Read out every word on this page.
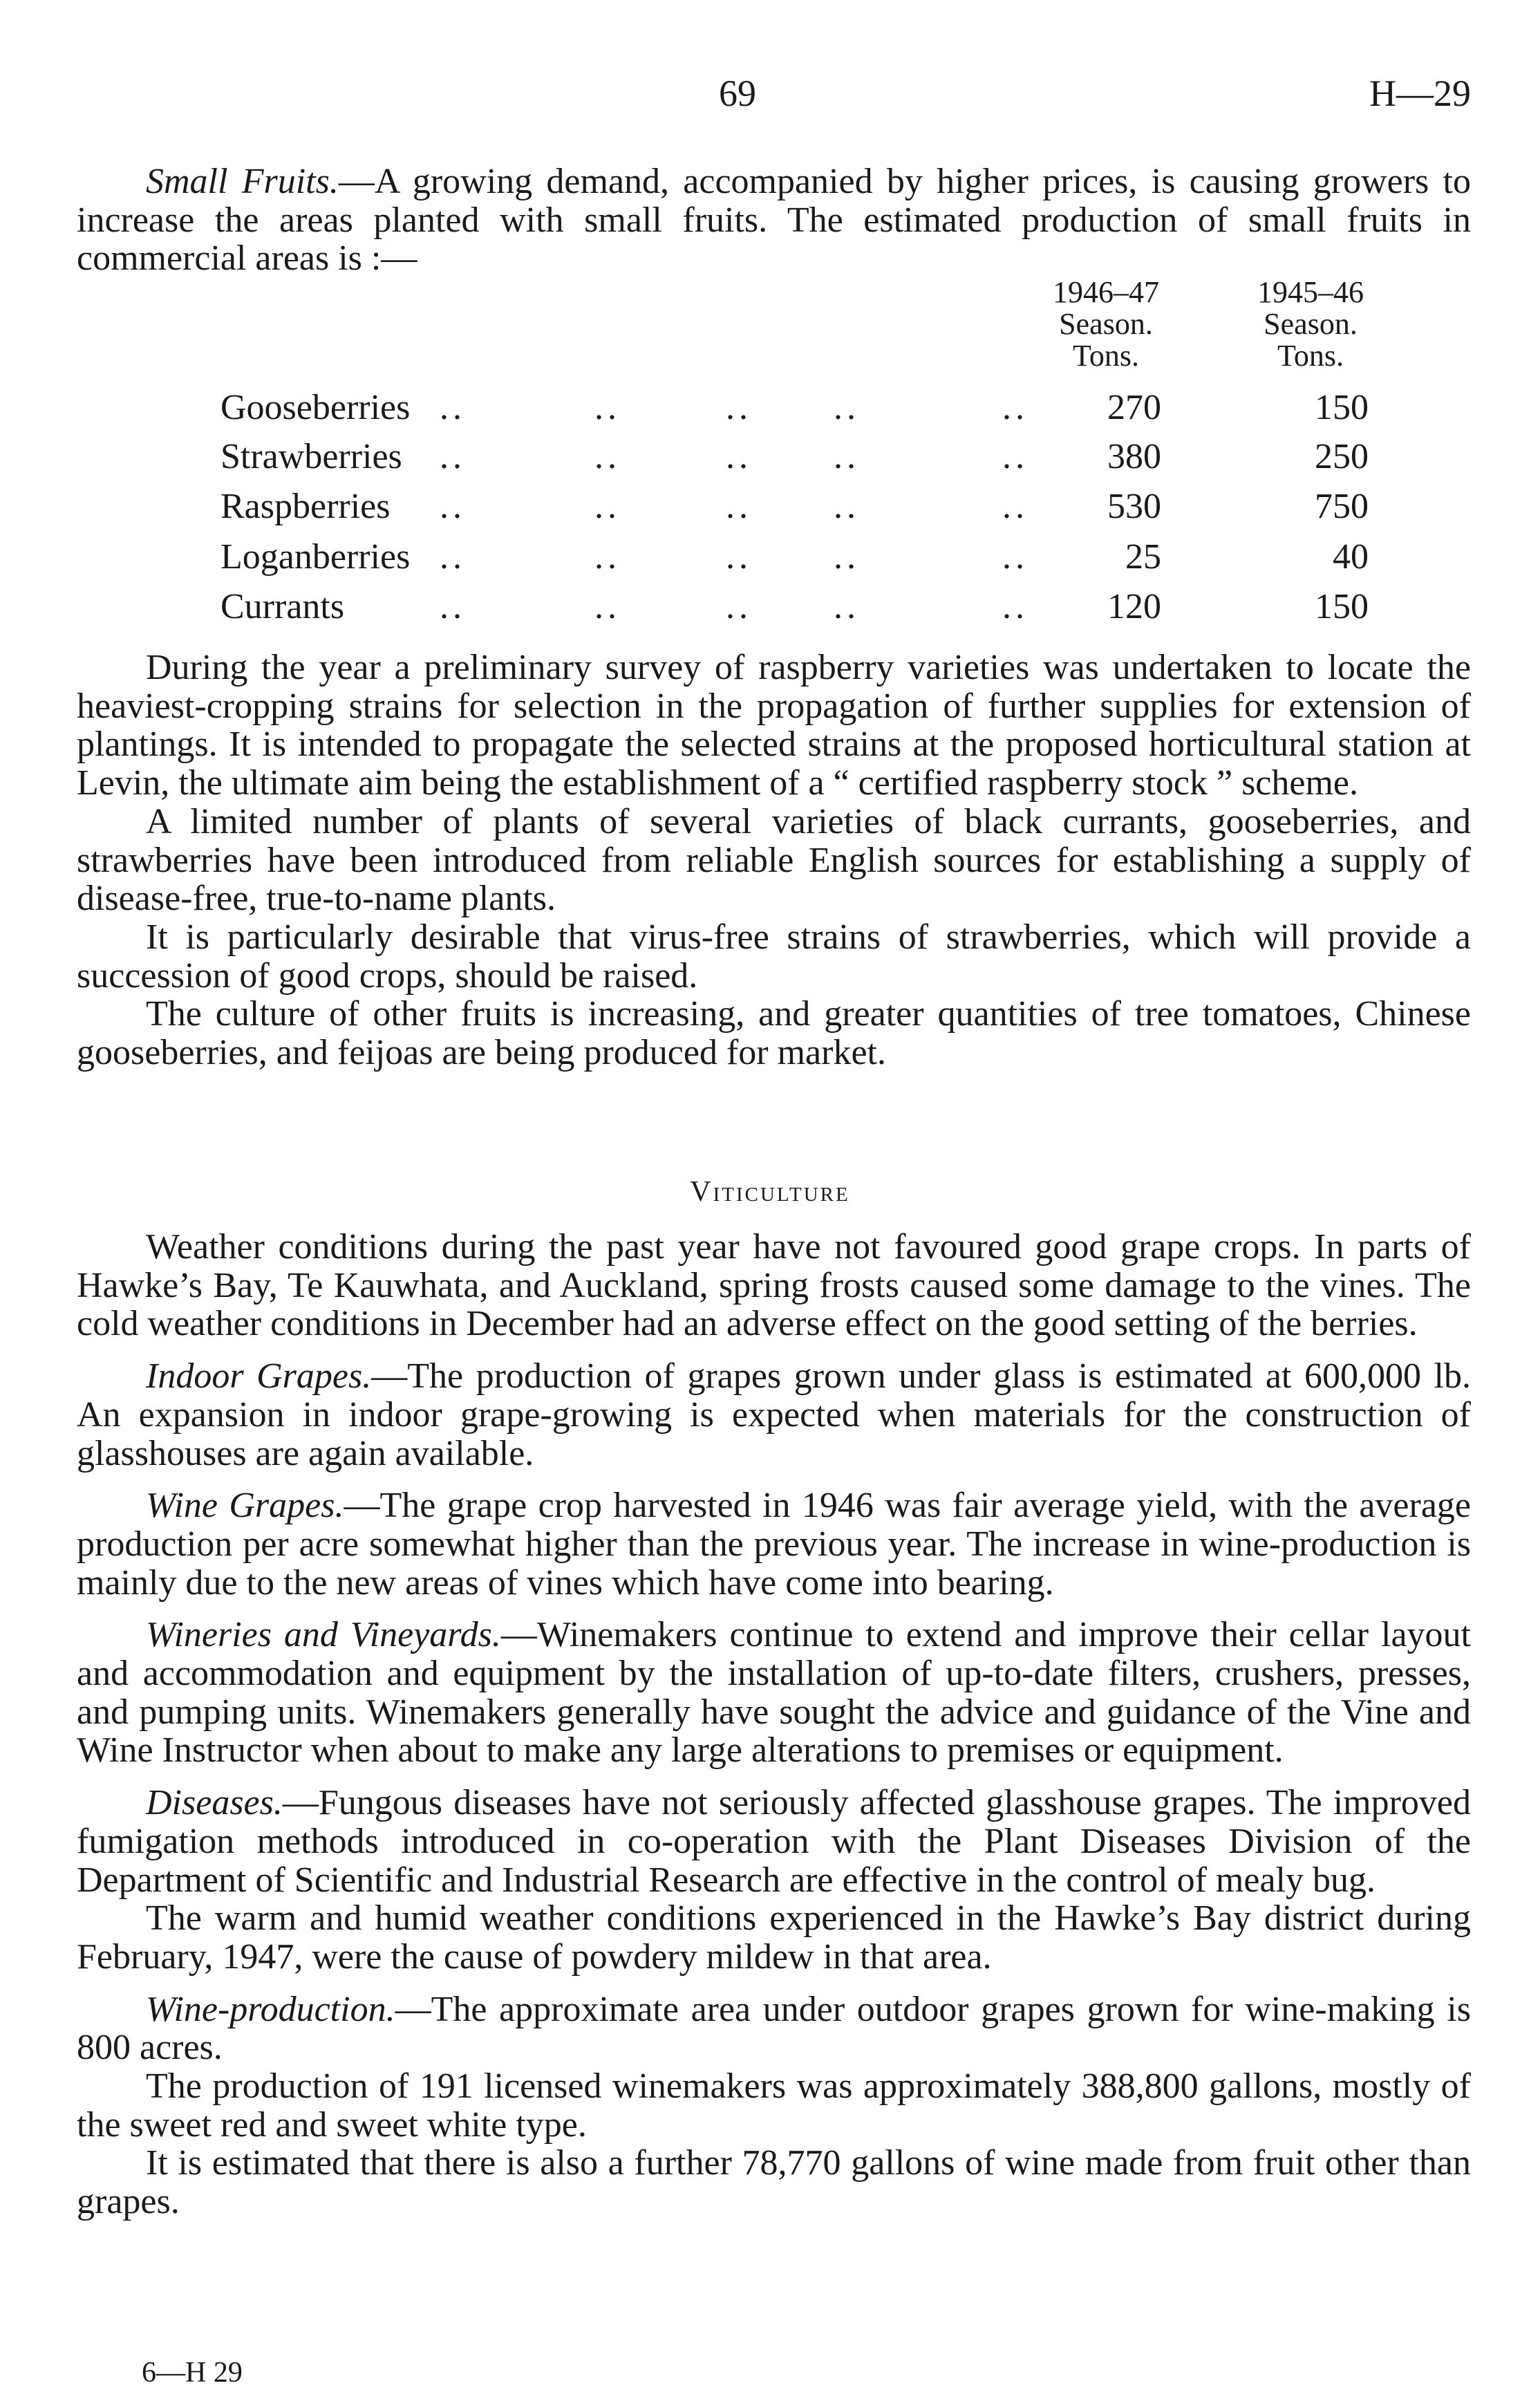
69	H—29

Small Fruits.—A growing demand, accompanied by higher prices, is causing growers to increase the areas planted with small fruits. The estimated production of small fruits in commercial areas is :—

1946–47
Season.
Tons.
1945–46
Season.
Tons.
Gooseberries ..	..	.. ..	..	270	150
Strawberries ..	..	.. ..	..	380	250
Raspberries ..	..	.. ..	..	530	750
Loganberries ..	..	.. ..	..	25	40
Currants	..	..	.. ..	..	120	150

During the year a preliminary survey of raspberry varieties was undertaken to locate the heaviest-cropping strains for selection in the propagation of further supplies for extension of plantings. It is intended to propagate the selected strains at the proposed horticultural station at Levin, the ultimate aim being the establishment of a “ certified raspberry stock ” scheme.

A limited number of plants of several varieties of black currants, gooseberries, and strawberries have been introduced from reliable English sources for establishing a supply of disease-free, true-to-name plants.

It is particularly desirable that virus-free strains of strawberries, which will provide a succession of good crops, should be raised.

The culture of other fruits is increasing, and greater quantities of tree tomatoes, Chinese gooseberries, and feijoas are being produced for market.

Viticulture

Weather conditions during the past year have not favoured good grape crops. In parts of Hawke’s Bay, Te Kauwhata, and Auckland, spring frosts caused some damage to the vines. The cold weather conditions in December had an adverse effect on the good setting of the berries.

Indoor Grapes.—The production of grapes grown under glass is estimated at 600,000 lb. An expansion in indoor grape-growing is expected when materials for the construction of glasshouses are again available.

Wine Grapes.—The grape crop harvested in 1946 was fair average yield, with the average production per acre somewhat higher than the previous year. The increase in wine-production is mainly due to the new areas of vines which have come into bearing.

Wineries and Vineyards.—Winemakers continue to extend and improve their cellar layout and accommodation and equipment by the installation of up-to-date filters, crushers, presses, and pumping units. Winemakers generally have sought the advice and guidance of the Vine and Wine Instructor when about to make any large alterations to premises or equipment.

Diseases.—Fungous diseases have not seriously affected glasshouse grapes. The improved fumigation methods introduced in co-operation with the Plant Diseases Division of the Department of Scientific and Industrial Research are effective in the control of mealy bug.

The warm and humid weather conditions experienced in the Hawke’s Bay district during February, 1947, were the cause of powdery mildew in that area.

Wine-production.—The approximate area under outdoor grapes grown for wine-making is 800 acres.

The production of 191 licensed winemakers was approximately 388,800 gallons, mostly of the sweet red and sweet white type.

It is estimated that there is also a further 78,770 gallons of wine made from fruit other than grapes.

6—H 29
